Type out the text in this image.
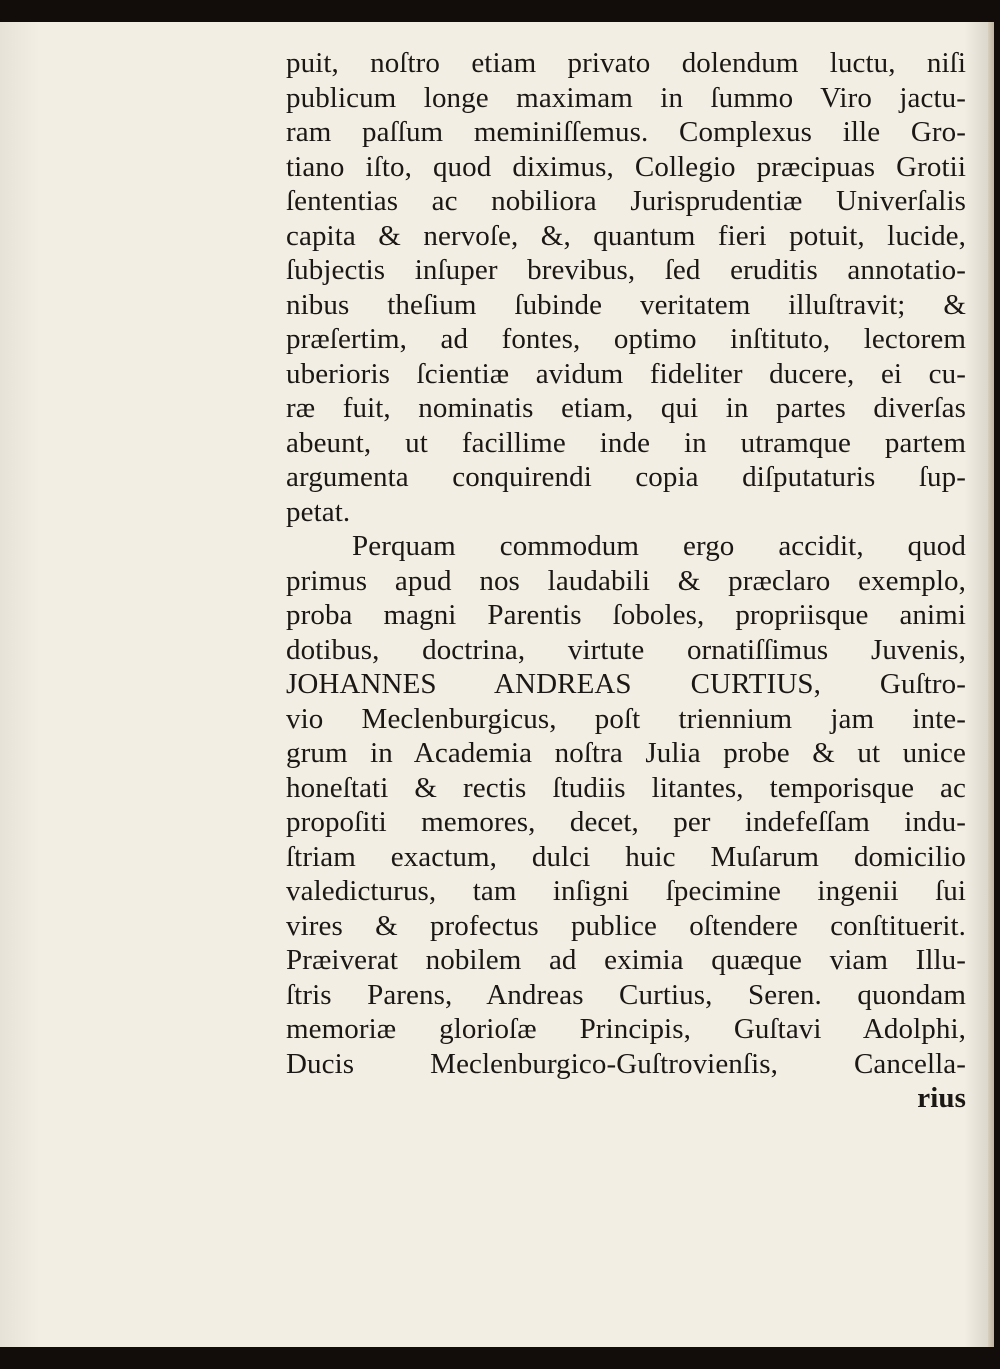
puit, noſtro etiam privato dolendum luctu, niſi
publicum longe maximam in ſummo Viro jactu-
ram paſſum meminiſſemus. Complexus ille Gro-
tiano iſto, quod diximus, Collegio præcipuas Grotii
ſententias ac nobiliora Jurisprudentiæ Univerſalis
capita & nervoſe, &, quantum fieri potuit, lucide,
ſubjectis inſuper brevibus, ſed eruditis annotatio-
nibus theſium ſubinde veritatem illuſtravit; &
præſertim, ad fontes, optimo inſtituto, lectorem
uberioris ſcientiæ avidum fideliter ducere, ei cu-
ræ fuit, nominatis etiam, qui in partes diverſas
abeunt, ut facillime inde in utramque partem
argumenta conquirendi copia diſputaturis ſup-
petat.
Perquam commodum ergo accidit, quod
primus apud nos laudabili & præclaro exemplo,
proba magni Parentis ſoboles, propriisque animi
dotibus, doctrina, virtute ornatiſſimus Juvenis,
JOHANNES ANDREAS CURTIUS, Guſtro-
vio Meclenburgicus, poſt triennium jam inte-
grum in Academia noſtra Julia probe & ut unice
honeſtati & rectis ſtudiis litantes, temporisque ac
propoſiti memores, decet, per indefeſſam indu-
ſtriam exactum, dulci huic Muſarum domicilio
valedicturus, tam inſigni ſpecimine ingenii ſui
vires & profectus publice oſtendere conſtituerit.
Præiverat nobilem ad eximia quæque viam Illu-
ſtris Parens, Andreas Curtius, Seren. quondam
memoriæ glorioſæ Principis, Guſtavi Adolphi,
Ducis Meclenburgico-Guſtrovienſis, Cancella-
rius
